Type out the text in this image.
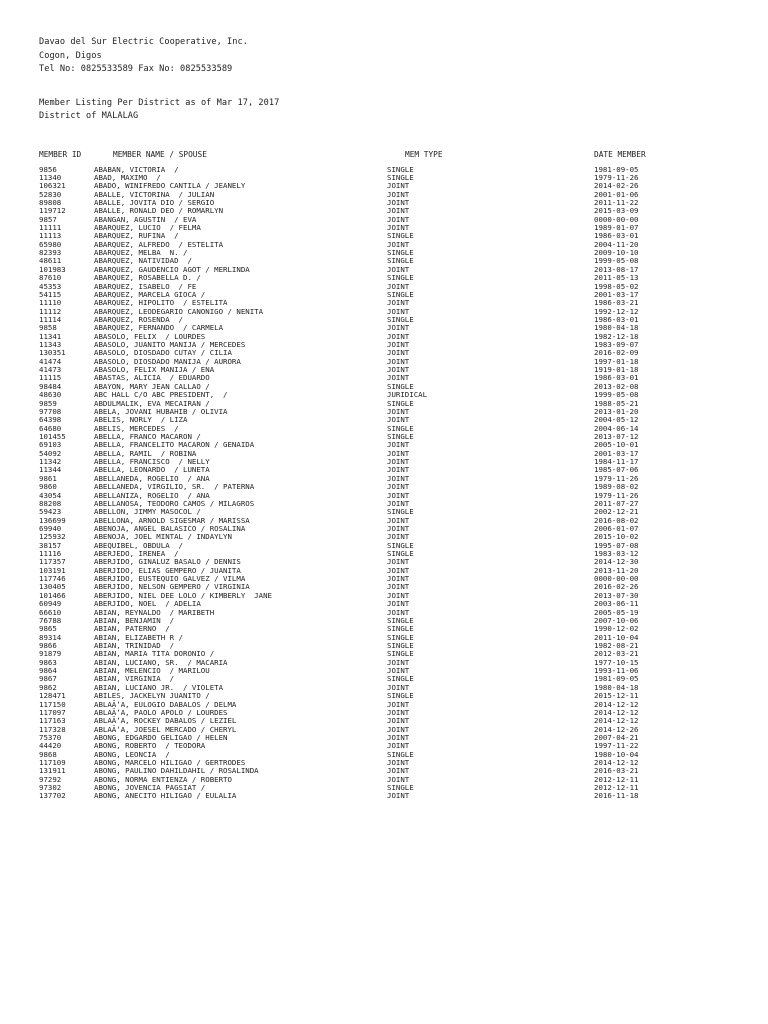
Davao del Sur Electric Cooperative, Inc.
Cogon, Digos
Tel No: 0825533589 Fax No: 0825533589
Member Listing Per District as of Mar 17, 2017
District of MALALAG
MEMBER ID	MEMBER NAME / SPOUSE	MEM TYPE	DATE MEMBER
9856	ABABAN, VICTORIA  /	SINGLE	1981-09-05
11340	ABAD, MAXIMO  /	SINGLE	1979-11-26
106321	ABADO, WINIFREDO CANTILA / JEANELY	JOINT	2014-02-26
52830	ABALLE, VICTORINA  / JULIAN	JOINT	2001-01-06
89808	ABALLE, JOVITA DIO / SERGIO	JOINT	2011-11-22
119712	ABALLE, RONALD DEO / ROMARLYN	JOINT	2015-03-09
9857	ABANGAN, AGUSTIN  / EVA	JOINT	0000-00-00
11111	ABARQUEZ, LUCIO  / FELMA	JOINT	1989-01-07
11113	ABARQUEZ, RUFINA  /	SINGLE	1986-03-01
65980	ABARQUEZ, ALFREDO  / ESTELITA	JOINT	2004-11-20
82393	ABARQUEZ, MELBA  N. /	SINGLE	2009-10-10
48611	ABARQUEZ, NATIVIDAD  /	SINGLE	1999-05-08
101983	ABARQUEZ, GAUDENCIO AGOT / MERLINDA	JOINT	2013-08-17
87610	ABARQUEZ, ROSABELLA D. /	SINGLE	2011-05-13
45353	ABARQUEZ, ISABELO  / FE	JOINT	1998-05-02
54115	ABARQUEZ, MARCELA GIOCA /	SINGLE	2001-03-17
11110	ABARQUEZ, HIPOLITO  / ESTELITA	JOINT	1986-03-21
11112	ABARQUEZ, LEODEGARIO CANONIGO / NENITA	JOINT	1992-12-12
11114	ABARQUEZ, ROSENDA  /	SINGLE	1986-03-01
9858	ABARQUEZ, FERNANDO  / CARMELA	JOINT	1980-04-18
11341	ABASOLO, FELIX  / LOURDES	JOINT	1982-12-18
11343	ABASOLO, JUANITO MANIJA / MERCEDES	JOINT	1983-09-07
130351	ABASOLO, DIOSDADO CUTAY / CILIA	JOINT	2016-02-09
41474	ABASOLO, DIOSDADO MANIJA / AURORA	JOINT	1997-01-18
41473	ABASOLO, FELIX MANIJA / ENA	JOINT	1919-01-18
11115	ABASTAS, ALICIA  / EDUARDO	JOINT	1986-03-01
98484	ABAYON, MARY JEAN CALLAO /	SINGLE	2013-02-08
48630	ABC HALL C/O ABC PRESIDENT,  /	JURIDICAL	1999-05-08
9859	ABDULMALIK, EVA MECAIRAN /	SINGLE	1988-05-21
97708	ABELA, JOVANI HUBAHIB / OLIVIA	JOINT	2013-01-20
64398	ABELIS, NORLY  / LIZA	JOINT	2004-05-12
64680	ABELIS, MERCEDES  /	SINGLE	2004-06-14
101455	ABELLA, FRANCO MACARON /	SINGLE	2013-07-12
69103	ABELLA, FRANCELITO MACARON / GENAIDA	JOINT	2005-10-01
54092	ABELLA, RAMIL  / ROBINA	JOINT	2001-03-17
11342	ABELLA, FRANCISCO  / NELLY	JOINT	1984-11-17
11344	ABELLA, LEONARDO  / LUNETA	JOINT	1985-07-06
9861	ABELLANEDA, ROGELIO  / ANA	JOINT	1979-11-26
9860	ABELLANEDA, VIRGILIO, SR.  / PATERNA	JOINT	1989-08-02
43054	ABELLANIZA, ROGELIO  / ANA	JOINT	1979-11-26
88208	ABELLANOSA, TEODORO CAMOS / MILAGROS	JOINT	2011-07-27
59423	ABELLON, JIMMY MASOCOL /	SINGLE	2002-12-21
136699	ABELLONA, ARNOLD SIGESMAR / MARISSA	JOINT	2016-08-02
69940	ABENOJA, ANGEL BALASICO / ROSALINA	JOINT	2006-01-07
125932	ABENOJA, JOEL MINTAL / INDAYLYN	JOINT	2015-10-02
38157	ABEQUIBEL, OBDULA  /	SINGLE	1995-07-08
11116	ABERJEDO, IRENEA  /	SINGLE	1983-03-12
117357	ABERJIDO, GINALUZ BASALO / DENNIS	JOINT	2014-12-30
103191	ABERJIDO, ELIAS GEMPERO / JUANITA	JOINT	2013-11-20
117746	ABERJIDO, EUSTEQUIO GALVEZ / VILMA	JOINT	0000-00-00
130405	ABERJIDO, NELSON GEMPERO / VIRGINIA	JOINT	2016-02-26
101466	ABERJIDO, NIEL DEE LOLO / KIMBERLY  JANE	JOINT	2013-07-30
60949	ABERJIDO, NOEL  / ADELIA	JOINT	2003-06-11
66610	ABIAN, REYNALDO  / MARIBETH	JOINT	2005-05-19
76788	ABIAN, BENJAMIN  /	SINGLE	2007-10-06
9865	ABIAN, PATERNO  /	SINGLE	1990-12-02
89314	ABIAN, ELIZABETH R /	SINGLE	2011-10-04
9866	ABIAN, TRINIDAD  /	SINGLE	1982-08-21
91879	ABIAN, MARIA TITA DORONIO /	SINGLE	2012-03-21
9863	ABIAN, LUCIANO, SR.  / MACARIA	JOINT	1977-10-15
9864	ABIAN, MELENCIO  / MARILOU	JOINT	1993-11-06
9867	ABIAN, VIRGINIA  /	SINGLE	1981-09-05
9862	ABIAN, LUCIANO JR.  / VIOLETA	JOINT	1980-04-18
128471	ABILES, JACKELYN JUANITO /	SINGLE	2015-12-11
117150	ABLAÃ‘A, EULOGIO DABALOS / DELMA	JOINT	2014-12-12
117097	ABLAÃ‘A, PAOLO APOLO / LOURDES	JOINT	2014-12-12
117163	ABLAÃ‘A, ROCKEY DABALOS / LEZIEL	JOINT	2014-12-12
117328	ABLAÃ‘A, JOESEL MERCADO / CHERYL	JOINT	2014-12-26
75370	ABONG, EDGARDO GELIGAO / HELEN	JOINT	2007-04-21
44420	ABONG, ROBERTO  / TEODORA	JOINT	1997-11-22
9868	ABONG, LEONCIA  /	SINGLE	1980-10-04
117109	ABONG, MARCELO HILIGAO / GERTRODES	JOINT	2014-12-12
131911	ABONG, PAULINO DAHILDAHIL / ROSALINDA	JOINT	2016-03-21
97292	ABONG, NORMA ENTIENZA / ROBERTO	JOINT	2012-12-11
97302	ABONG, JOVENCIA PAGSIAT /	SINGLE	2012-12-11
137702	ABONG, ANECITO HILIGAO / EULALIA	JOINT	2016-11-18
